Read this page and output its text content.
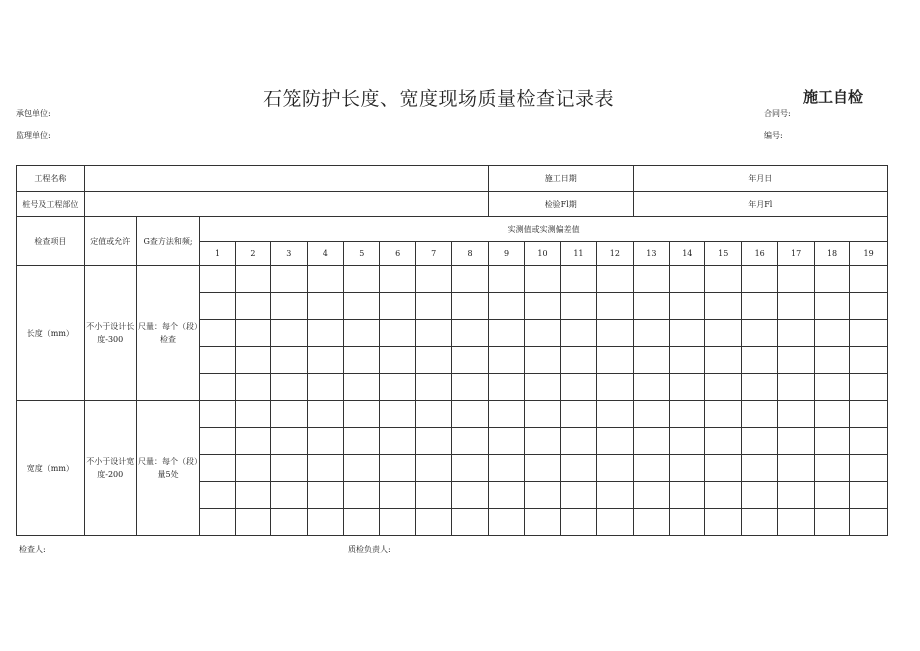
石笼防护长度、宽度现场质量检查记录表	施工自检
承包单位:	合同号:
监理单位:	编号:
工程名称											施工日期				年月日						
桩号及工程部位											检验Fl期				年月Fl						
检查项目	定值或允许	G查方法和频;	实测值或实测偏差值																		
			1	2	3	4	5	6	7	8	9	10	11	12	13	14	15	16	17	18	19
长度（mm）	不小于设计长度-300	尺量：每个（段）检查																			

宽度（mm）	不小于设计宽度-200	尺量：每个（段）量5处																			

检查人:	质检负责人:
